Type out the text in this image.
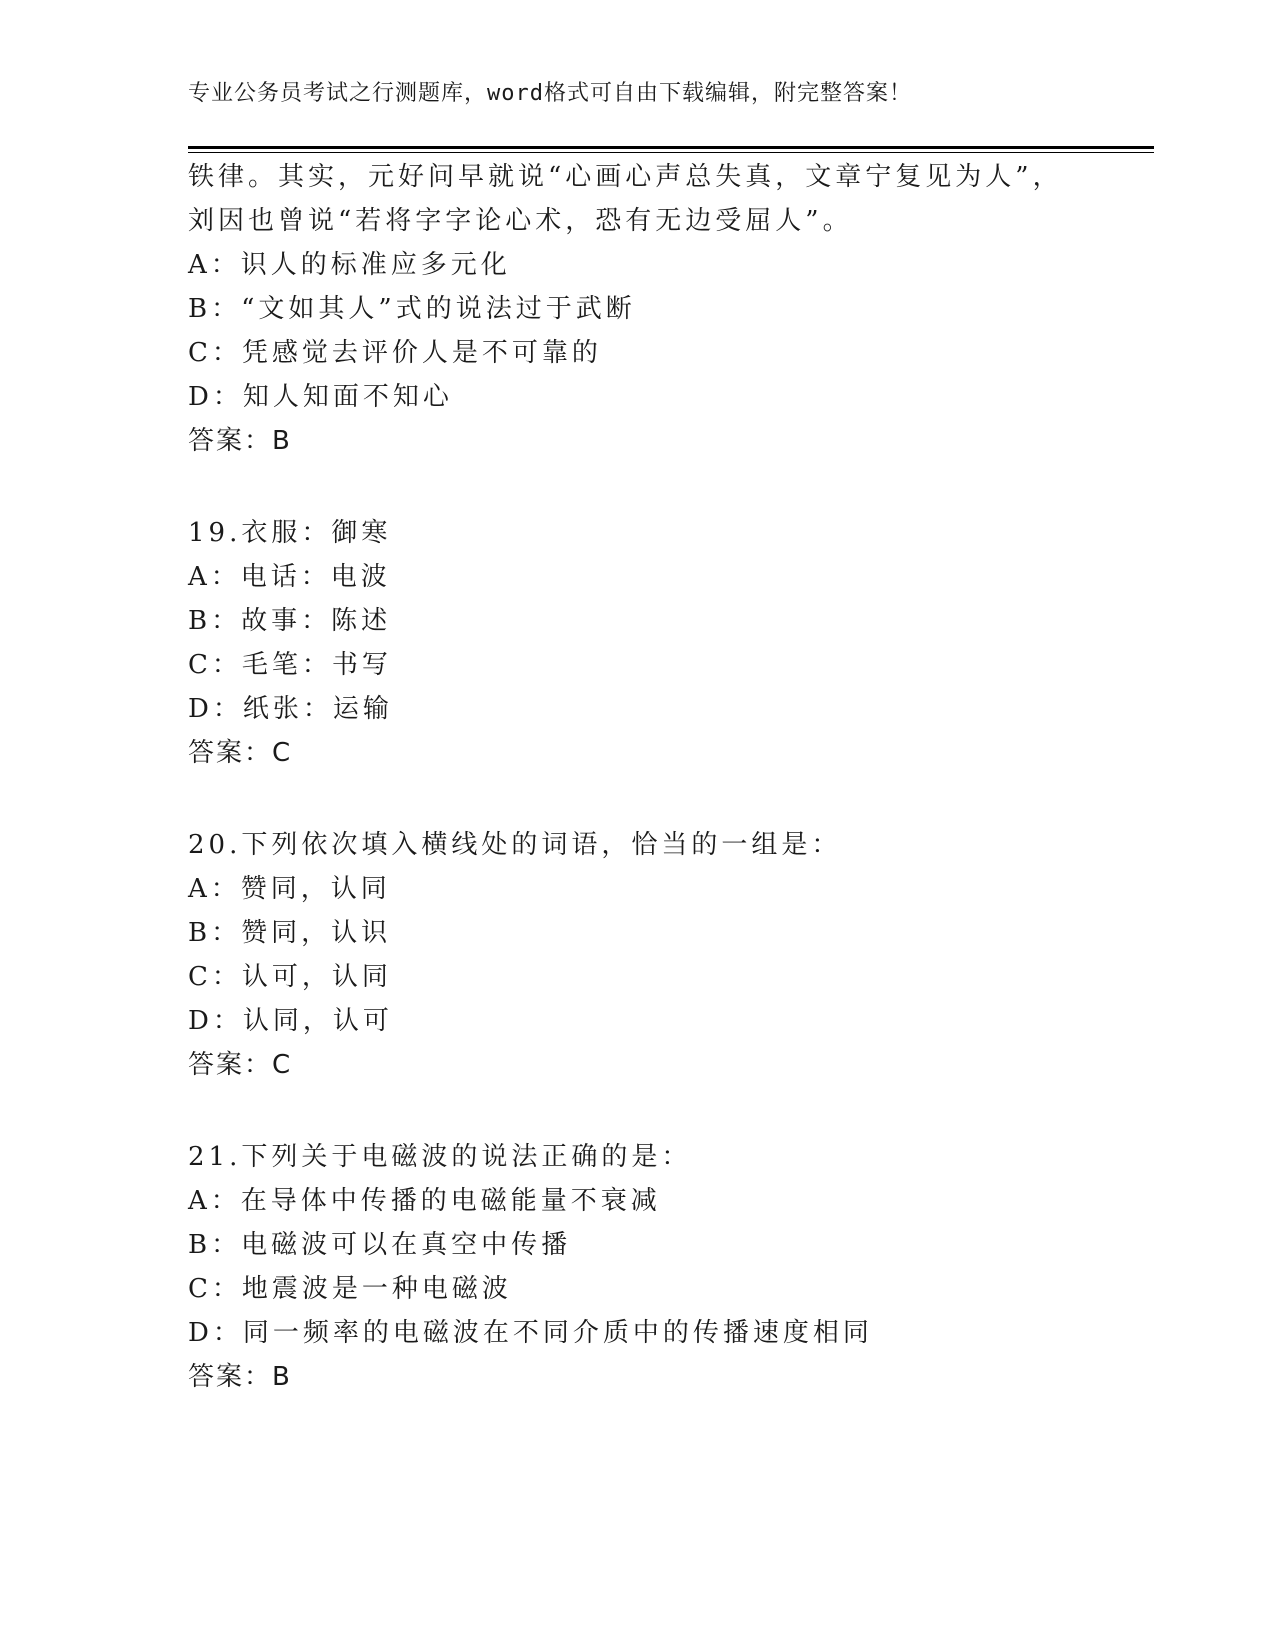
专业公务员考试之行测题库，word格式可自由下载编辑，附完整答案！
铁律。其实，元好问早就说“心画心声总失真，文章宁复见为人”，
刘因也曾说“若将字字论心术，恐有无边受屈人”。
A：识人的标准应多元化
B：“文如其人”式的说法过于武断
C：凭感觉去评价人是不可靠的
D：知人知面不知心
答案：B
19.衣服：御寒
A：电话：电波
B：故事：陈述
C：毛笔：书写
D：纸张：运输
答案：C
20.下列依次填入横线处的词语，恰当的一组是：
A：赞同，认同
B：赞同，认识
C：认可，认同
D：认同，认可
答案：C
21.下列关于电磁波的说法正确的是：
A：在导体中传播的电磁能量不衰减
B：电磁波可以在真空中传播
C：地震波是一种电磁波
D：同一频率的电磁波在不同介质中的传播速度相同
答案：B
